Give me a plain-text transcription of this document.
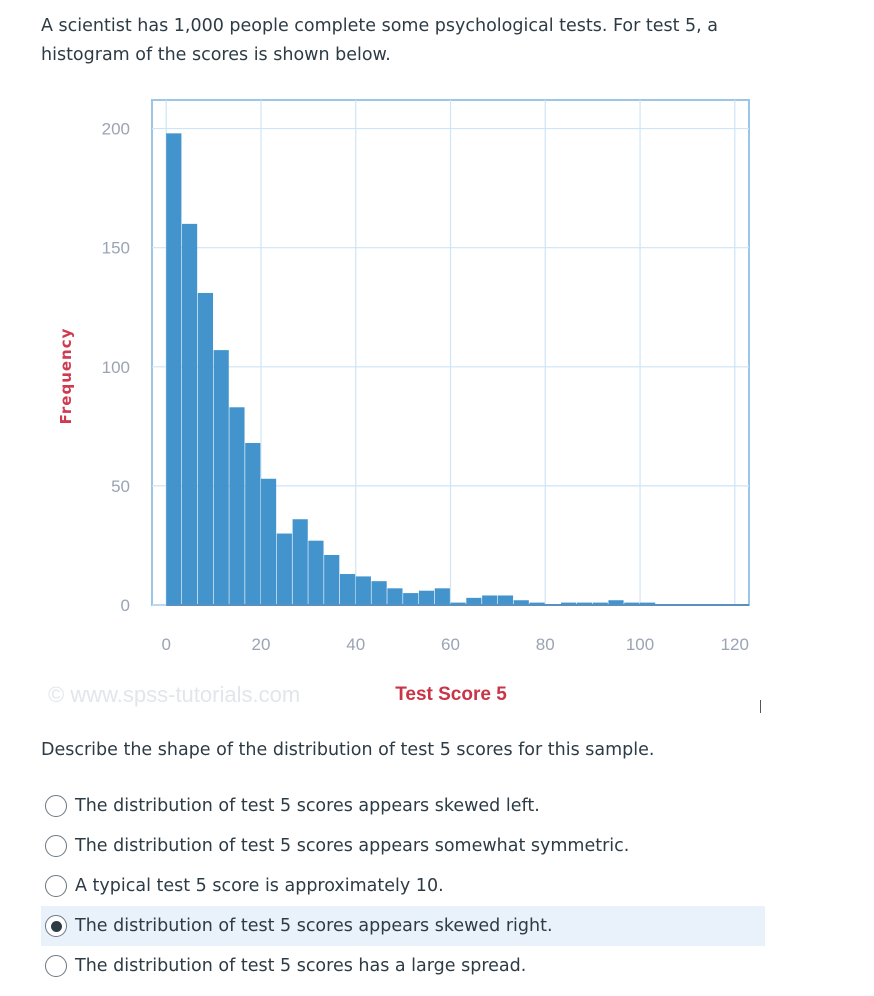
A scientist has 1,000 people complete some psychological tests. For test 5, a histogram of the scores is shown below.
0
50
100
150
200
0	20	40	60	80	100	120
Frequency
© www.spss-tutorials.com	Test Score 5
Describe the shape of the distribution of test 5 scores for this sample.
The distribution of test 5 scores appears skewed left.
The distribution of test 5 scores appears somewhat symmetric.
A typical test 5 score is approximately 10.
The distribution of test 5 scores appears skewed right.
The distribution of test 5 scores has a large spread.
